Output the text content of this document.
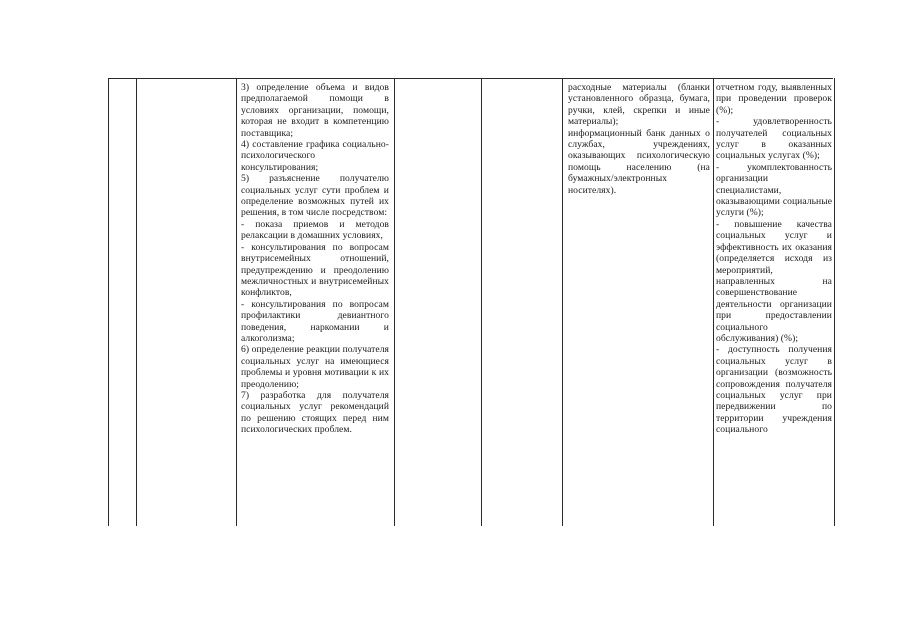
3) определение объема и видов предполагаемой помощи в условиях организации, помощи, которая не входит в компетенцию поставщика;

4) составление графика социально-психологического консультирования;

5) разъяснение получателю социальных услуг сути проблем и определение возможных путей их решения, в том числе посредством:

- показа приемов и методов релаксации в домашних условиях,

- консультирования по вопросам внутрисемейных отношений, предупреждению и преодолению межличностных и внутрисемейных конфликтов,

- консультирования по вопросам профилактики девиантного поведения, наркомании и алкоголизма;

6) определение реакции получателя социальных услуг на имеющиеся проблемы и уровня мотивации к их преодолению;

7) разработка для получателя социальных услуг рекомендаций по решению стоящих перед ним психологических проблем.

расходные материалы (бланки установленного образца, бумага, ручки, клей, скрепки и иные материалы);

информационный банк данных о службах, учреждениях, оказывающих психологическую помощь населению (на бумажных/электронных носителях).

отчетном году, выявленных при проведении проверок (%);

- удовлетворенность получателей социальных услуг в оказанных социальных услугах (%);

- укомплектованность организации специалистами, оказывающими социальные услуги (%);

- повышение качества социальных услуг и эффективность их оказания (определяется исходя из мероприятий, направленных на совершенствование деятельности организации при предоставлении социального обслуживания) (%);

- доступность получения социальных услуг в организации (возможность сопровождения получателя социальных услуг при передвижении по территории учреждения социального
